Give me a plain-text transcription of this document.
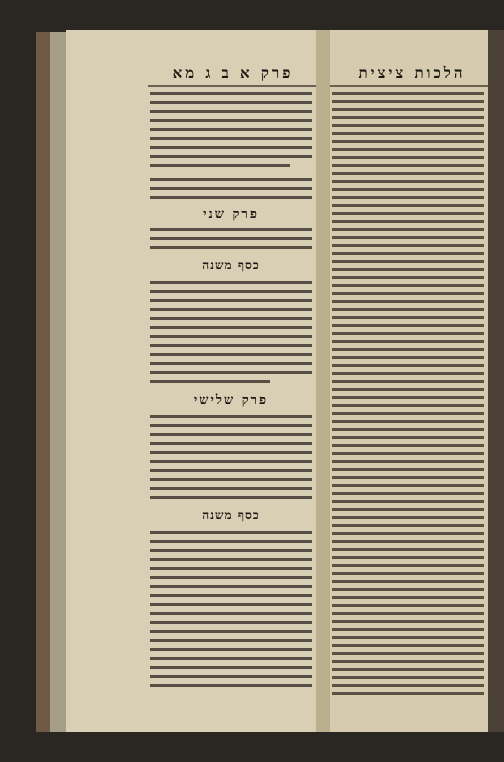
פרק א ב ג מא	הלכות ציצית
פרק שני
כסף משנה
פרק שלישי
כסף משנה
